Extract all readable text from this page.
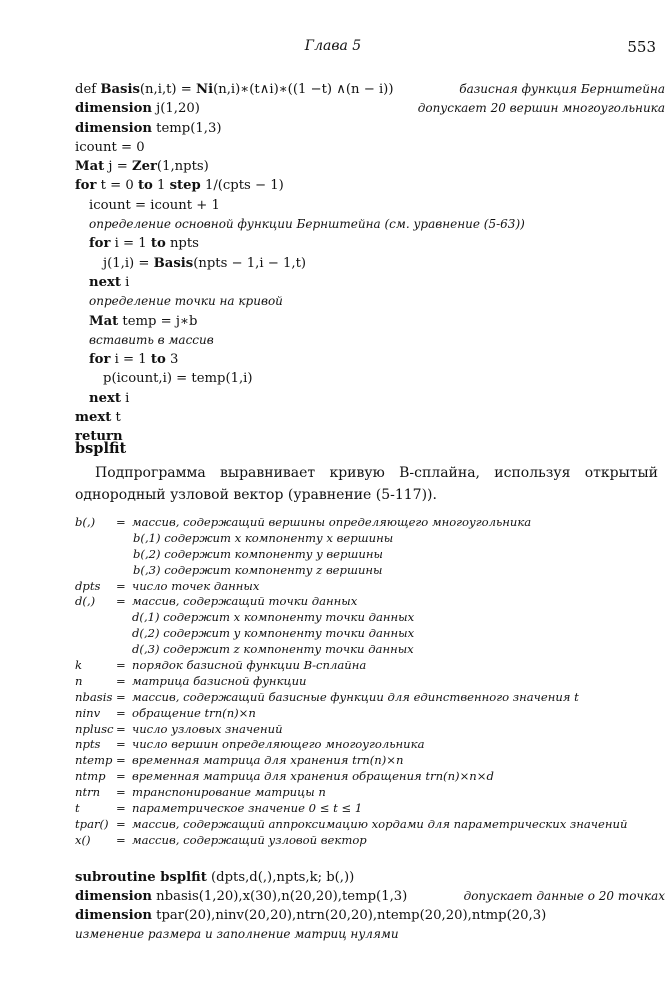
Глава 5	553
def Basis(n,i,t) = Ni(n,i)∗(t∧i)∗((1 −t) ∧(n − i))	базисная функция Бернштейна
dimension j(1,20)	допускает 20 вершин многоугольника
dimension temp(1,3)
icount = 0
Mat j = Zer(1,npts)
for t = 0 to 1 step 1/(cpts − 1)
icount = icount + 1
определение основной функции Бернштейна (см. уравнение (5-63))
for i = 1 to npts
j(1,i) = Basis(npts − 1,i − 1,t)
next i
определение точки на кривой
Mat temp = j∗b
вставить в массив
for i = 1 to 3
p(icount,i) = temp(1,i)
next i
mext t
return
bsplfit
Подпрограмма выравнивает кривую В-сплайна, используя открытый однородный узловой вектор (уравнение (5-117)).
b(,) = массив, содержащий вершины определяющего многоугольника
b(,1) содержит x компоненту x вершины
b(,2) содержит компоненту y вершины
b(,3) содержит компоненту z вершины
dpts = число точек данных
d(,) = массив, содержащий точки данных
d(,1) содержит x компоненту точки данных
d(,2) содержит y компоненту точки данных
d(,3) содержит z компоненту точки данных
k	= порядок базисной функции В-сплайна
n	= матрица базисной функции
nbasis = массив, содержащий базисные функции для единственного значения t
ninv = обращение trn(n)×n
nplusc = число узловых значений
npts = число вершин определяющего многоугольника
ntemp = временная матрица для хранения trn(n)×n
ntmp = временная матрица для хранения обращения trn(n)×n×d
ntrn = транспонирование матрицы n
t	= параметрическое значение 0 ≤ t ≤ 1
tpar() = массив, содержащий аппроксимацию хордами для параметрических значений
x() = массив, содержащий узловой вектор
subroutine bsplfit (dpts,d(,),npts,k; b(,))
dimension nbasis(1,20),x(30),n(20,20),temp(1,3)	допускает данные о 20 точках
dimension tpar(20),ninv(20,20),ntrn(20,20),ntemp(20,20),ntmp(20,3)
изменение размера и заполнение матриц нулями
